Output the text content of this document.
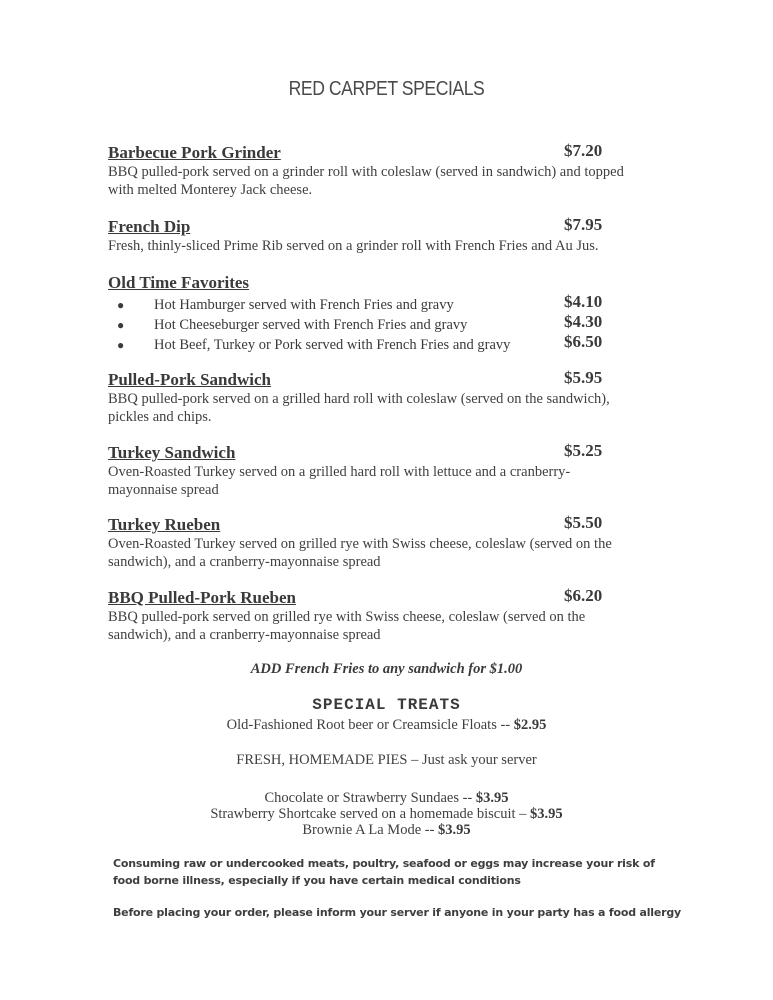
RED CARPET SPECIALS
Barbecue Pork Grinder	$7.20
BBQ pulled-pork served on a grinder roll with coleslaw (served in sandwich) and topped with melted Monterey Jack cheese.
French Dip	$7.95
Fresh, thinly-sliced Prime Rib served on a grinder roll with French Fries and Au Jus.
Old Time Favorites
● Hot Hamburger served with French Fries and gravy	$4.10
● Hot Cheeseburger served with French Fries and gravy	$4.30
● Hot Beef, Turkey or Pork served with French Fries and gravy	$6.50
Pulled-Pork Sandwich	$5.95
BBQ pulled-pork served on a grilled hard roll with coleslaw (served on the sandwich), pickles and chips.
Turkey Sandwich	$5.25
Oven-Roasted Turkey served on a grilled hard roll with lettuce and a cranberry-mayonnaise spread
Turkey Rueben	$5.50
Oven-Roasted Turkey served on grilled rye with Swiss cheese, coleslaw (served on the sandwich), and a cranberry-mayonnaise spread
BBQ Pulled-Pork Rueben	$6.20
BBQ pulled-pork served on grilled rye with Swiss cheese, coleslaw (served on the sandwich), and a cranberry-mayonnaise spread
ADD French Fries to any sandwich for $1.00
SPECIAL TREATS
Old-Fashioned Root beer or Creamsicle Floats -- $2.95
FRESH, HOMEMADE PIES – Just ask your server
Chocolate or Strawberry Sundaes -- $3.95
Strawberry Shortcake served on a homemade biscuit – $3.95
Brownie A La Mode -- $3.95
Consuming raw or undercooked meats, poultry, seafood or eggs may increase your risk of food borne illness, especially if you have certain medical conditions
Before placing your order, please inform your server if anyone in your party has a food allergy
